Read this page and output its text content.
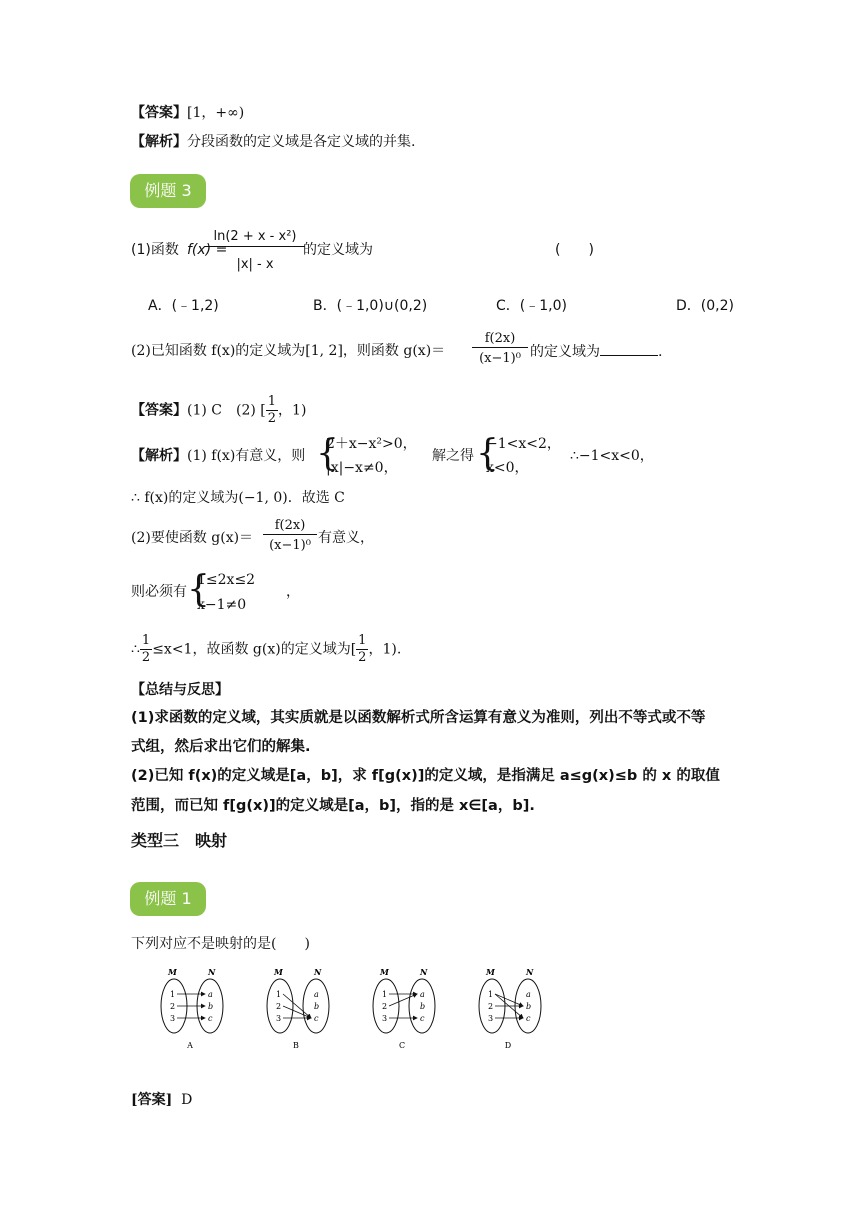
【答案】[1，+∞)
【解析】分段函数的定义域是各定义域的并集.
例题 3
(1)函数 f(x) =
ln(2 + x - x²)
|x| - x
的定义域为	(　　)
A．(﹣1,2)	B．(﹣1,0)∪(0,2)	C．(﹣1,0)	D．(0,2)
(2)已知函数 f(x)的定义域为[1, 2]，则函数 g(x)＝
f(2x)
(x−1)⁰ 的定义域为	.
【答案】(1) C　(2) [ $\frac{1}{2}$ ，1)
【解析】(1) f(x)有意义，则 {
2＋x−x²>0，
|x|−x≠0，
解之得 {
−1<x<2，
x<0，
∴−1<x<0，
∴ f(x)的定义域为(−1, 0)．故选 C
(2)要使函数 g(x)＝
f(2x)
(x−1)⁰ 有意义，
则必须有 {
1≤2x≤2
x−1≠0
，
∴ $\frac{1}{2} \le x<1$，故函数 g(x)的定义域为[ $\frac{1}{2}$ ，1).
【总结与反思】
(1)求函数的定义域，其实质就是以函数解析式所含运算有意义为准则，列出不等式或不等
式组，然后求出它们的解集.
(2)已知 f(x)的定义域是[a，b]，求 f[g(x)]的定义域，是指满足 a≤g(x)≤b 的 x 的取值
范围，而已知 f[g(x)]的定义域是[a，b]，指的是 x∈[a，b].
类型三　映射
例题 1
下列对应不是映射的是(　　)
M	N
1
2
3
a
b
c
A
M	N
1
2
3
a
b
c
B
M	N
1
2
3
a
b
c
C
M	N
1
2
3
a
b
c
D
[答案] D
